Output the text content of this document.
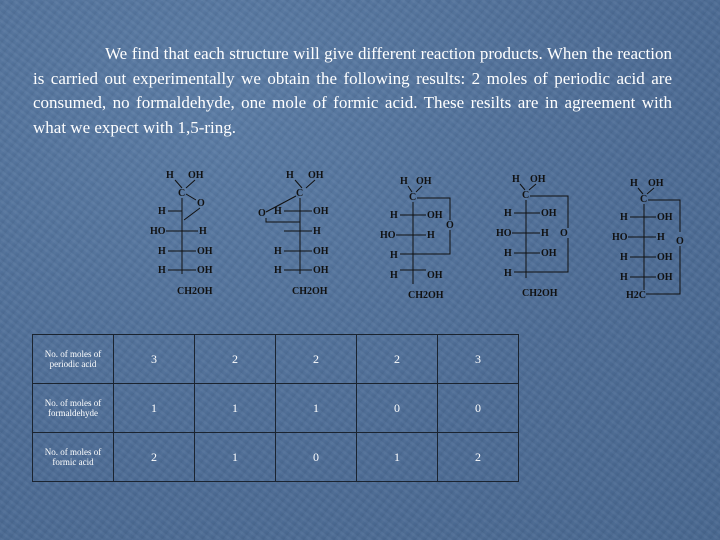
We find that each structure will give different reaction products. When the reaction is carried out experimentally we obtain the following results: 2 moles of periodic acid are consumed, no formaldehyde, one mole of formic acid. These resilts are in agreement with what we expect with 1,5-ring.

H OH
C
O
H
HO	H
H	OH
H	OH
CH2OH
H OH
C
O H	OH
H
H	OH
H	OH
CH2OH
H OH
C
O
H	OH
HO	H
H
H	OH
CH2OH
H OH
C
O
H	OH
HO	H
H	OH
H
CH2OH
H OH
C
O
H	OH
HO	H
H	OH
H	OH
H2C
No. of moles of periodic acid	3	2	2	2	3
No. of moles of formaldehyde	1	1	1	0	0
No. of moles of formic acid	2	1	0	1	2
